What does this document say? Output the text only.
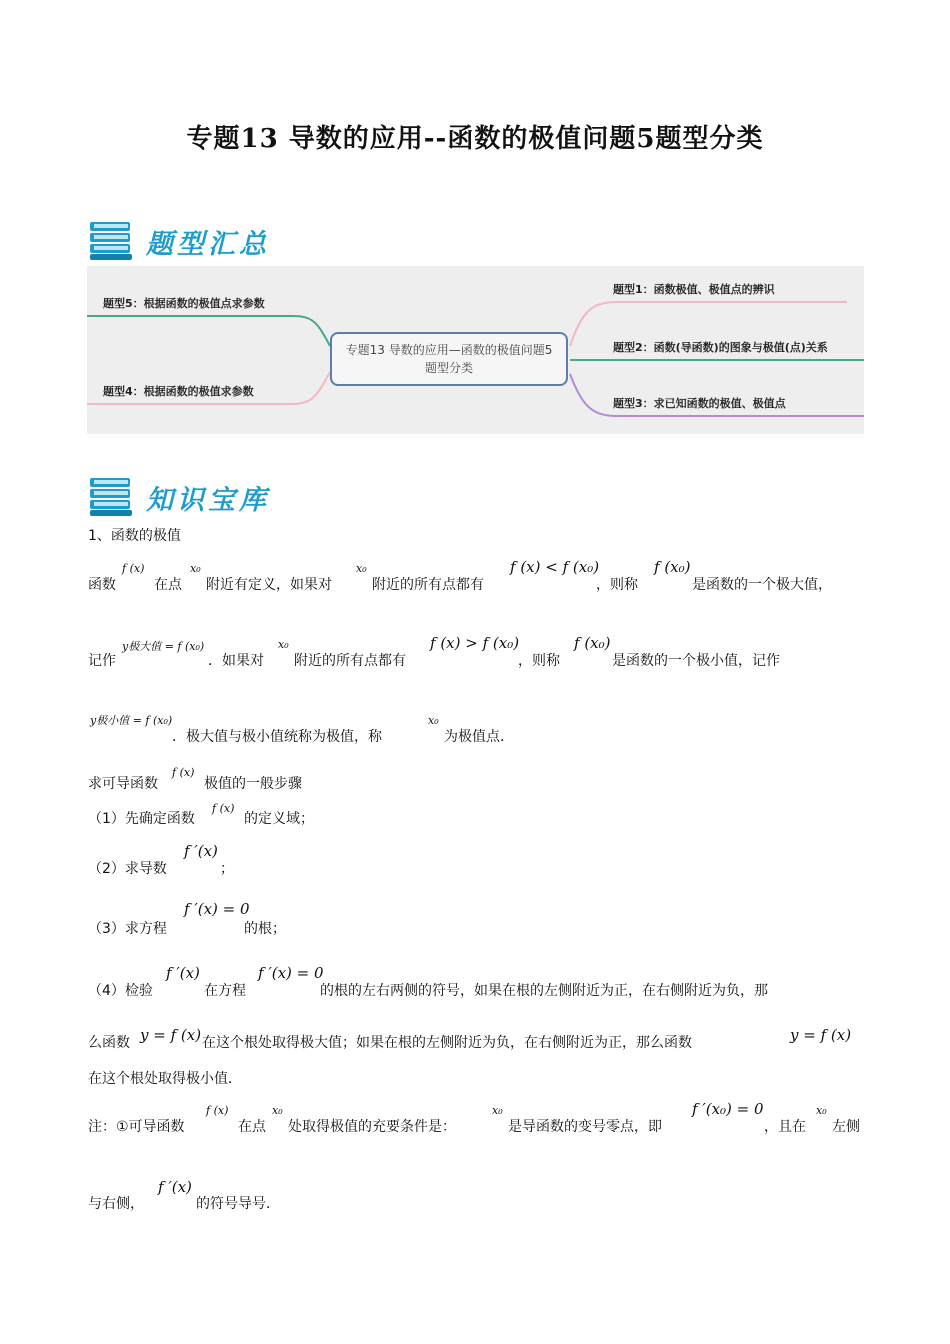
专题13 导数的应用--函数的极值问题5题型分类
题型汇总
专题13 导数的应用—函数的极值问题5题型分类
题型5：根据函数的极值点求参数
题型4：根据函数的极值求参数
题型1：函数极值、极值点的辨识
题型2：函数(导函数)的图象与极值(点)关系
题型3：求已知函数的极值、极值点
知识宝库
1、函数的极值
函数
f (x)
在点
x₀
附近有定义，如果对
x₀
附近的所有点都有
f (x) < f (x₀)
，则称
f (x₀)
是函数的一个极大值，
记作
y极大值 = f (x₀)
．如果对
x₀
附近的所有点都有
f (x) > f (x₀)
，则称
f (x₀)
是函数的一个极小值，记作
y极小值 = f (x₀)
．极大值与极小值统称为极值，称
x₀
为极值点．
求可导函数
f (x)
极值的一般步骤
（1）先确定函数
f (x)
的定义域；
（2）求导数
f ′(x)
；
（3）求方程
f ′(x) = 0
的根；
（4）检验
f ′(x)
在方程
f ′(x) = 0
的根的左右两侧的符号，如果在根的左侧附近为正，在右侧附近为负，那
么函数 y = f (x) 在这个根处取得极大值；如果在根的左侧附近为负，在右侧附近为正，那么函数	y = f (x)
在这个根处取得极小值．
注：①可导函数
f (x)
在点
x₀
处取得极值的充要条件是：
x₀
是导函数的变号零点，即
f ′(x₀) = 0
，且在
x₀
左侧
与右侧，
f ′(x)
的符号导号．
